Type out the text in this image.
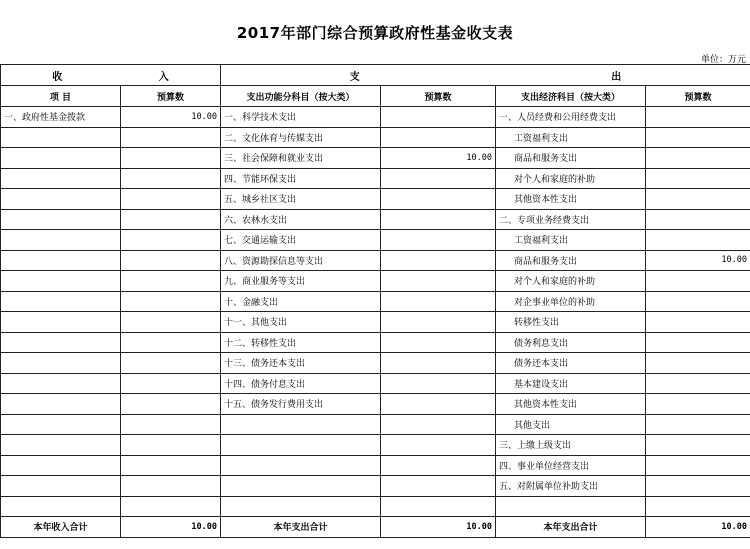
2017年部门综合预算政府性基金收支表
单位：万元
收 入		支 出			

项 目	预算数	支出功能分科目（按大类）	预算数	支出经济科目（按大类）	预算数
一、政府性基金拨款	10.00	一、科学技术支出		一、人员经费和公用经费支出	
		二、文化体育与传媒支出		工资福利支出	
		三、社会保障和就业支出	10.00	商品和服务支出	
		四、节能环保支出		对个人和家庭的补助	
		五、城乡社区支出		其他资本性支出	
		六、农林水支出		二、专项业务经费支出	
		七、交通运输支出		工资福利支出	
		八、资源勘探信息等支出		商品和服务支出	10.00
		九、商业服务等支出		对个人和家庭的补助	
		十、金融支出		对企事业单位的补助	
		十一、其他支出		转移性支出	
		十二、转移性支出		债务利息支出	
		十三、债务还本支出		债务还本支出	
		十四、债务付息支出		基本建设支出	
		十五、债务发行费用支出		其他资本性支出	
				其他支出	
				三、上缴上级支出	
				四、事业单位经营支出	
				五、对附属单位补助支出	

本年收入合计	10.00	本年支出合计	10.00	本年支出合计	10.00
